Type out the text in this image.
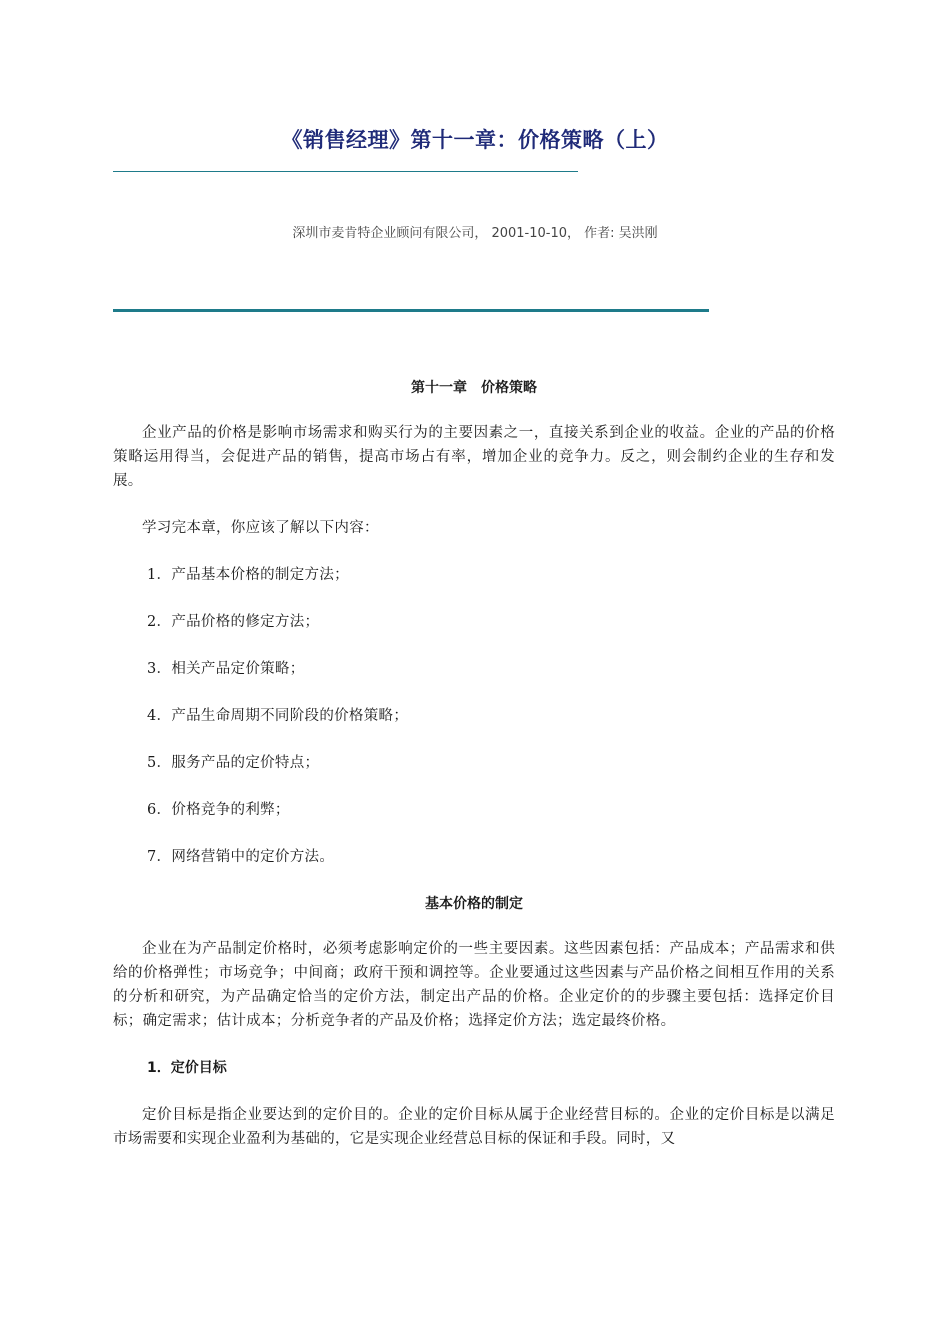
《销售经理》第十一章：价格策略（上）
深圳市麦肯特企业顾问有限公司， 2001-10-10， 作者: 吴洪刚
第十一章　价格策略

企业产品的价格是影响市场需求和购买行为的主要因素之一，直接关系到企业的收益。企业的产品的价格策略运用得当，会促进产品的销售，提高市场占有率，增加企业的竞争力。反之，则会制约企业的生存和发展。

学习完本章，你应该了解以下内容：

1．产品基本价格的制定方法；
2．产品价格的修定方法；
3．相关产品定价策略；
4．产品生命周期不同阶段的价格策略；
5．服务产品的定价特点；
6．价格竞争的利弊；
7．网络营销中的定价方法。
基本价格的制定

企业在为产品制定价格时，必须考虑影响定价的一些主要因素。这些因素包括：产品成本；产品需求和供给的价格弹性；市场竞争；中间商；政府干预和调控等。企业要通过这些因素与产品价格之间相互作用的关系的分析和研究，为产品确定恰当的定价方法，制定出产品的价格。企业定价的的步骤主要包括：选择定价目标；确定需求；估计成本；分析竞争者的产品及价格；选择定价方法；选定最终价格。

1．定价目标

定价目标是指企业要达到的定价目的。企业的定价目标从属于企业经营目标的。企业的定价目标是以满足市场需要和实现企业盈利为基础的，它是实现企业经营总目标的保证和手段。同时，又
